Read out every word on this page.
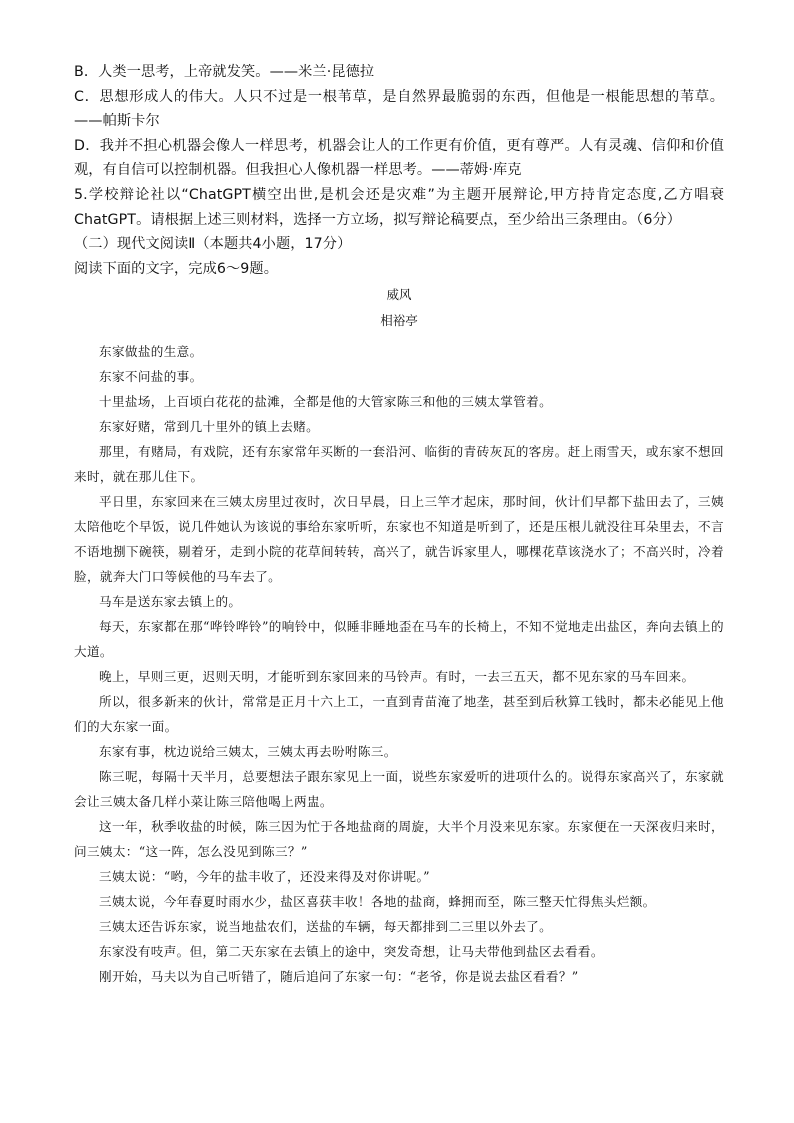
B．人类一思考，上帝就发笑。——米兰·昆德拉

C．思想形成人的伟大。人只不过是一根苇草，是自然界最脆弱的东西，但他是一根能思想的苇草。——帕斯卡尔

D．我并不担心机器会像人一样思考，机器会让人的工作更有价值，更有尊严。人有灵魂、信仰和价值观，有自信可以控制机器。但我担心人像机器一样思考。——蒂姆·库克

5.学校辩论社以“ChatGPT横空出世,是机会还是灾难”为主题开展辩论,甲方持肯定态度,乙方唱衰ChatGPT。请根据上述三则材料，选择一方立场，拟写辩论稿要点，至少给出三条理由。（6分）

（二）现代文阅读Ⅱ（本题共4小题，17分）

阅读下面的文字，完成6～9题。

威风

相裕亭

东家做盐的生意。

东家不问盐的事。

十里盐场，上百顷白花花的盐滩，全都是他的大管家陈三和他的三姨太掌管着。

东家好赌，常到几十里外的镇上去赌。

那里，有赌局，有戏院，还有东家常年买断的一套沿河、临街的青砖灰瓦的客房。赶上雨雪天，或东家不想回来时，就在那儿住下。

平日里，东家回来在三姨太房里过夜时，次日早晨，日上三竿才起床，那时间，伙计们早都下盐田去了，三姨太陪他吃个早饭，说几件她认为该说的事给东家听听，东家也不知道是听到了，还是压根儿就没往耳朵里去，不言不语地捌下碗筷，剔着牙，走到小院的花草间转转，高兴了，就告诉家里人，哪棵花草该浇水了；不高兴时，冷着脸，就奔大门口等候他的马车去了。

马车是送东家去镇上的。

每天，东家都在那“哗铃哗铃”的响铃中，似睡非睡地歪在马车的长椅上，不知不觉地走出盐区，奔向去镇上的大道。

晚上，早则三更，迟则天明，才能听到东家回来的马铃声。有时，一去三五天，都不见东家的马车回来。

所以，很多新来的伙计，常常是正月十六上工，一直到青苗淹了地垄，甚至到后秋算工钱时，都未必能见上他们的大东家一面。

东家有事，枕边说给三姨太，三姨太再去吩咐陈三。

陈三呢，每隔十天半月，总要想法子跟东家见上一面，说些东家爱听的进项什么的。说得东家高兴了，东家就会让三姨太备几样小菜让陈三陪他喝上两盅。

这一年，秋季收盐的时候，陈三因为忙于各地盐商的周旋，大半个月没来见东家。东家便在一天深夜归来时，问三姨太：“这一阵，怎么没见到陈三？”

三姨太说：“哟，今年的盐丰收了，还没来得及对你讲呢。”

三姨太说，今年春夏时雨水少，盐区喜获丰收！各地的盐商，蜂拥而至，陈三整天忙得焦头烂额。

三姨太还告诉东家，说当地盐农们，送盐的车辆，每天都排到二三里以外去了。

东家没有吱声。但，第二天东家在去镇上的途中，突发奇想，让马夫带他到盐区去看看。

刚开始，马夫以为自己听错了，随后追问了东家一句：“老爷，你是说去盐区看看？”
